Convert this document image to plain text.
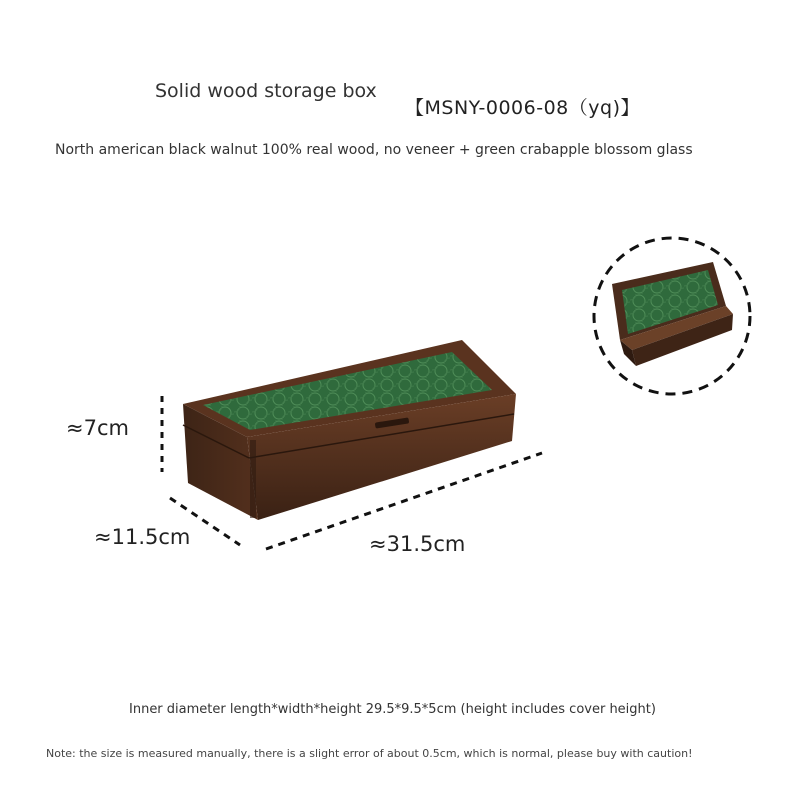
Solid wood storage box
【MSNY-0006-08（yq)】
North american black walnut 100% real wood, no veneer + green crabapple blossom glass
≈7cm
≈11.5cm	≈31.5cm
Inner diameter length*width*height 29.5*9.5*5cm (height includes cover height)
Note: the size is measured manually, there is a slight error of about 0.5cm, which is normal, please buy with caution!
